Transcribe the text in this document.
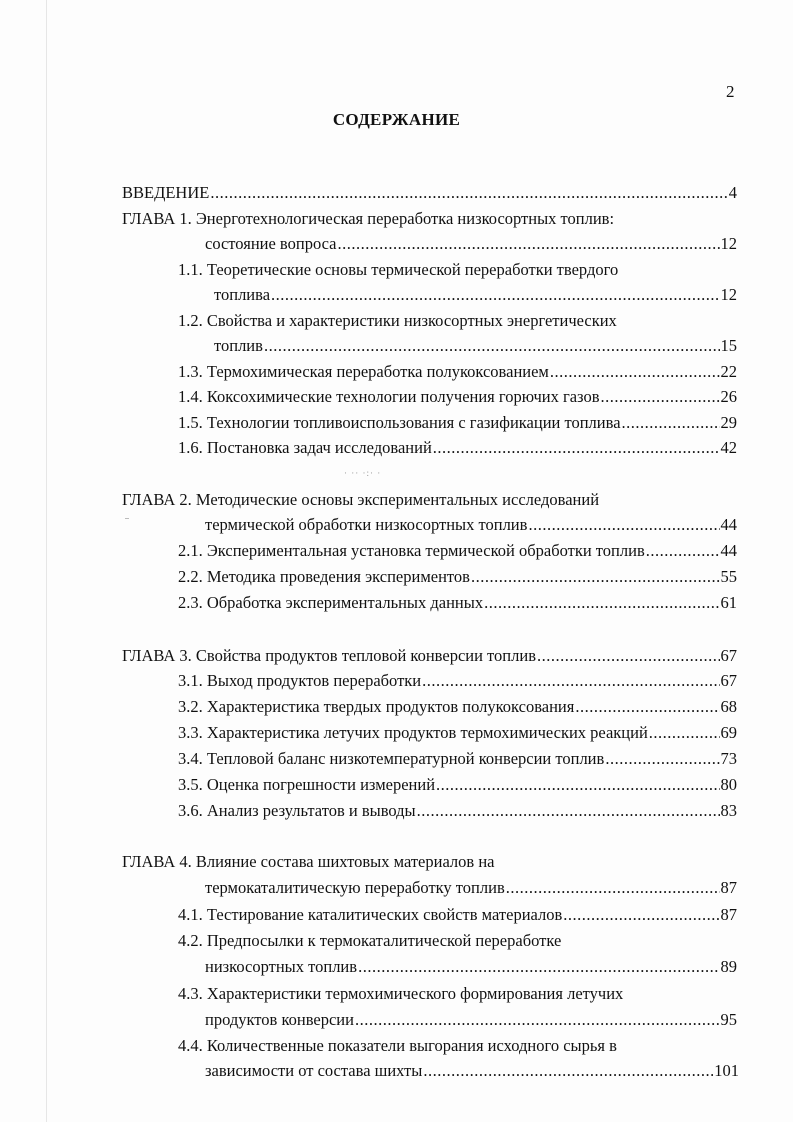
2
СОДЕРЖАНИЕ
ВВЕДЕНИЕ .....	4
ГЛАВА 1. Энерготехнологическая переработка низкосортных топлив:
состояние вопроса .....	12
1.1. Теоретические основы термической переработки твердого
топлива .....	12
1.2. Свойства и характеристики низкосортных энергетических
топлив .....	15
1.3. Термохимическая переработка полукоксованием .....	22
1.4. Коксохимические технологии получения горючих газов .....	26
1.5. Технологии топливоиспользования с газификации топлива .....	29
1.6. Постановка задач исследований .....	42
ГЛАВА 2. Методические основы экспериментальных исследований
термической обработки низкосортных топлив .....	44
2.1. Экспериментальная установка термической обработки топлив .....	44
2.2. Методика проведения экспериментов .....	55
2.3. Обработка экспериментальных данных .....	61
ГЛАВА 3. Свойства продуктов тепловой конверсии топлив .....	67
3.1. Выход продуктов переработки .....	67
3.2. Характеристика твердых продуктов полукоксования .....	68
3.3. Характеристика летучих продуктов термохимических реакций .....	69
3.4. Тепловой баланс низкотемпературной конверсии топлив .....	73
3.5. Оценка погрешности измерений .....	80
3.6. Анализ результатов и выводы .....	83
ГЛАВА 4. Влияние состава шихтовых материалов на
термокаталитическую переработку топлив .....	87
4.1. Тестирование каталитических свойств материалов .....	87
4.2. Предпосылки к термокаталитической переработке
низкосортных топлив .....	89
4.3. Характеристики термохимического формирования летучих
продуктов конверсии .....	95
4.4. Количественные показатели выгорания исходного сырья в
зависимости от состава шихты .....	101
· ·· ·:· ·
